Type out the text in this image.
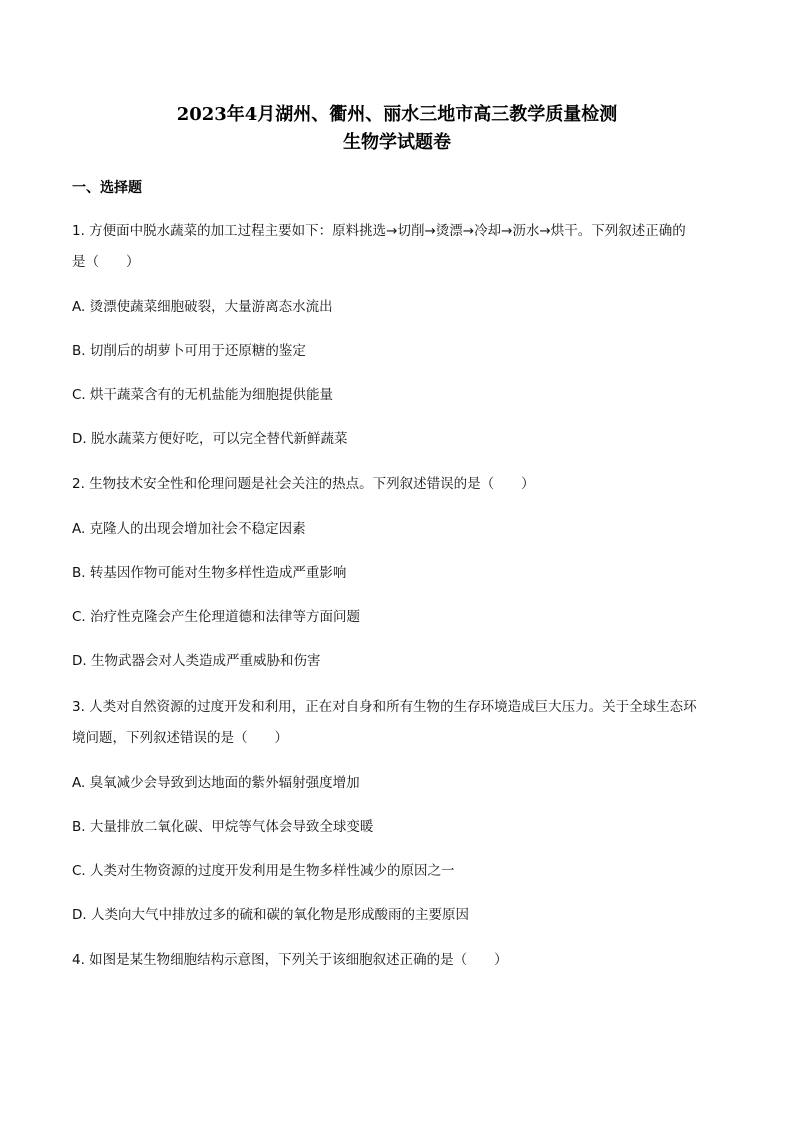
2023年4月湖州、衢州、丽水三地市高三教学质量检测
生物学试题卷
一、选择题
1. 方便面中脱水蔬菜的加工过程主要如下：原料挑选→切削→烫漂→冷却→沥水→烘干。下列叙述正确的
是（　　）
A. 烫漂使蔬菜细胞破裂，大量游离态水流出
B. 切削后的胡萝卜可用于还原糖的鉴定
C. 烘干蔬菜含有的无机盐能为细胞提供能量
D. 脱水蔬菜方便好吃，可以完全替代新鲜蔬菜
2. 生物技术安全性和伦理问题是社会关注的热点。下列叙述错误的是（　　）
A. 克隆人的出现会增加社会不稳定因素
B. 转基因作物可能对生物多样性造成严重影响
C. 治疗性克隆会产生伦理道德和法律等方面问题
D. 生物武器会对人类造成严重威胁和伤害
3. 人类对自然资源的过度开发和利用，正在对自身和所有生物的生存环境造成巨大压力。关于全球生态环
境问题，下列叙述错误的是（　　）
A. 臭氧减少会导致到达地面的紫外辐射强度增加
B. 大量排放二氧化碳、甲烷等气体会导致全球变暖
C. 人类对生物资源的过度开发利用是生物多样性减少的原因之一
D. 人类向大气中排放过多的硫和碳的氧化物是形成酸雨的主要原因
4. 如图是某生物细胞结构示意图，下列关于该细胞叙述正确的是（　　）
